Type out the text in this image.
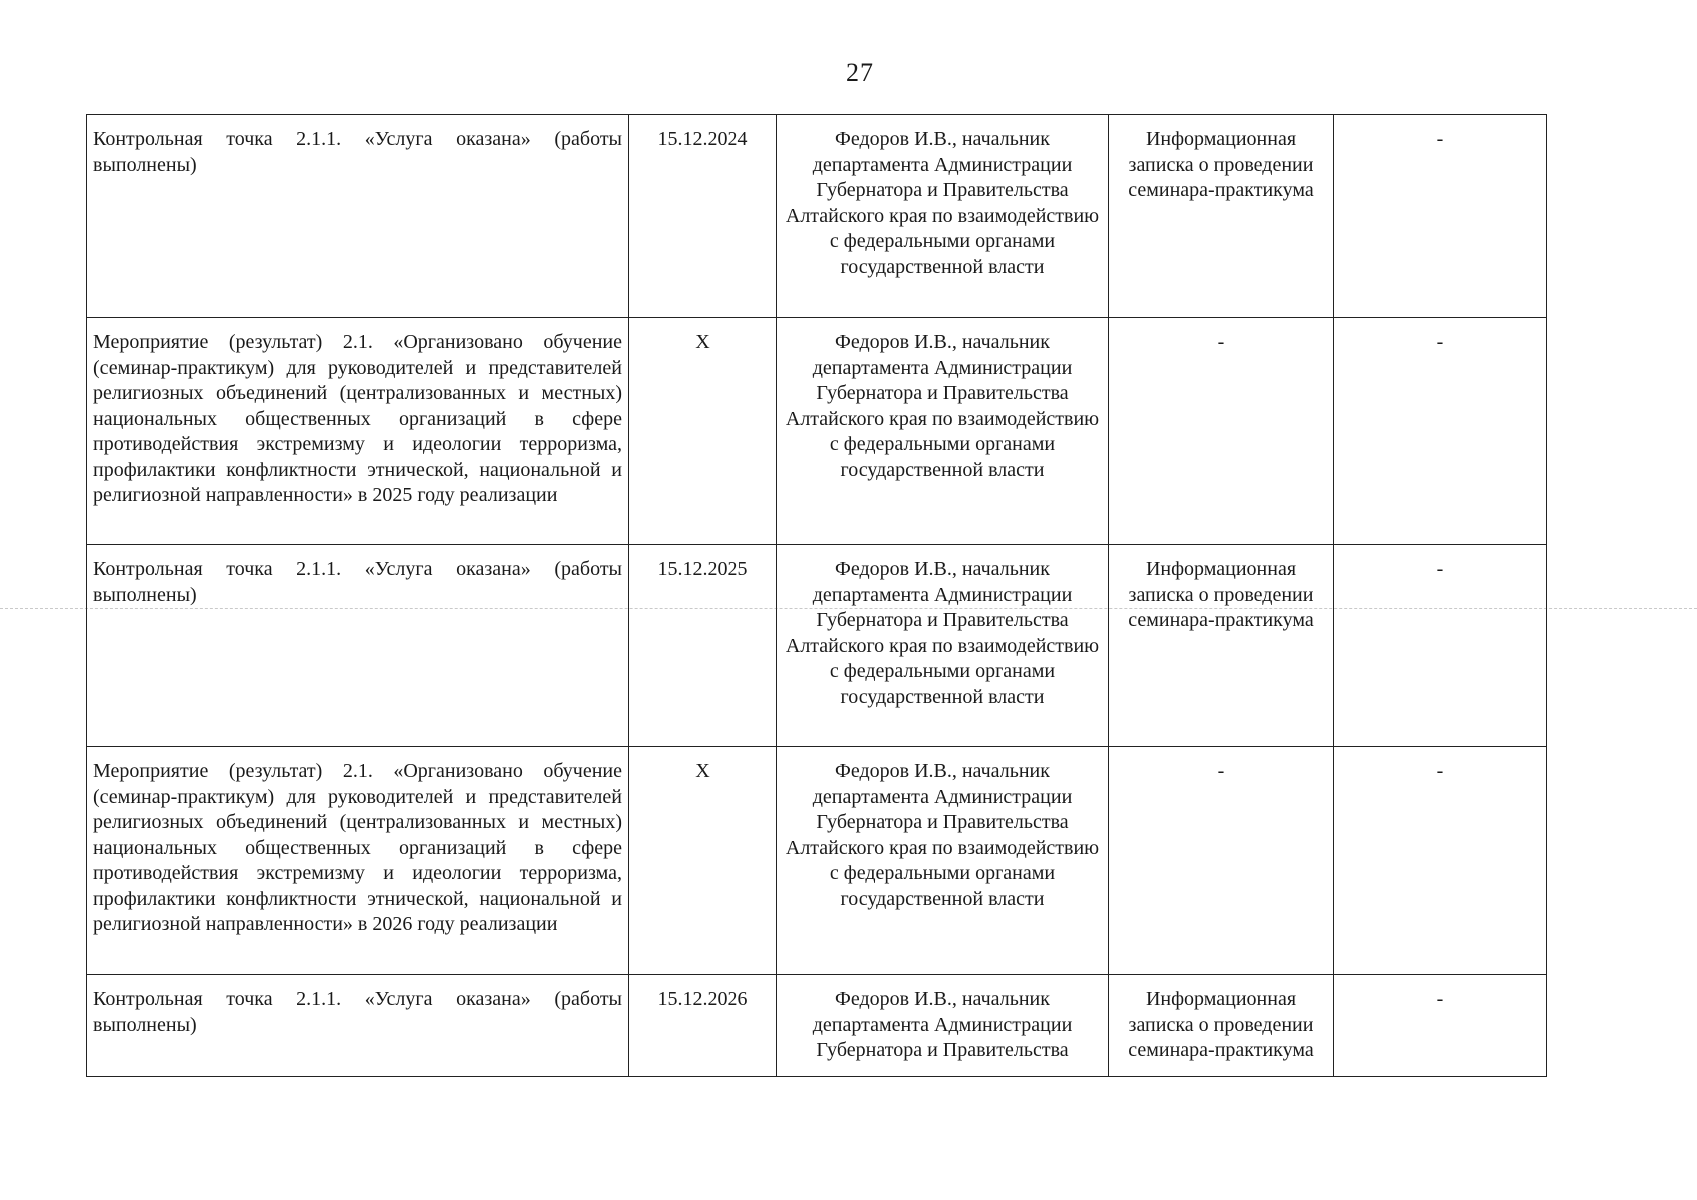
27
Контрольная точка 2.1.1. «Услуга оказана» (работы выполнены)	15.12.2024	Федоров И.В., начальник департамента Администрации Губернатора и Правительства Алтайского края по взаимодействию с федеральными органами государственной власти	Информационная записка о проведении семинара-практикума	-
Мероприятие (результат) 2.1. «Организовано обучение (семинар-практикум) для руководителей и представителей религиозных объединений (централизованных и местных) национальных общественных организаций в сфере противодействия экстремизму и идеологии терроризма, профилактики конфликтности этнической, национальной и религиозной направленности» в 2025 году реализации	X	Федоров И.В., начальник департамента Администрации Губернатора и Правительства Алтайского края по взаимодействию с федеральными органами государственной власти	-	-
Контрольная точка 2.1.1. «Услуга оказана» (работы выполнены)	15.12.2025	Федоров И.В., начальник департамента Администрации Губернатора и Правительства Алтайского края по взаимодействию с федеральными органами государственной власти	Информационная записка о проведении семинара-практикума	-
Мероприятие (результат) 2.1. «Организовано обучение (семинар-практикум) для руководителей и представителей религиозных объединений (централизованных и местных) национальных общественных организаций в сфере противодействия экстремизму и идеологии терроризма, профилактики конфликтности этнической, национальной и религиозной направленности» в 2026 году реализации	X	Федоров И.В., начальник департамента Администрации Губернатора и Правительства Алтайского края по взаимодействию с федеральными органами государственной власти	-	-
Контрольная точка 2.1.1. «Услуга оказана» (работы выполнены)	15.12.2026	Федоров И.В., начальник департамента Администрации Губернатора и Правительства	Информационная записка о проведении семинара-практикума	-
